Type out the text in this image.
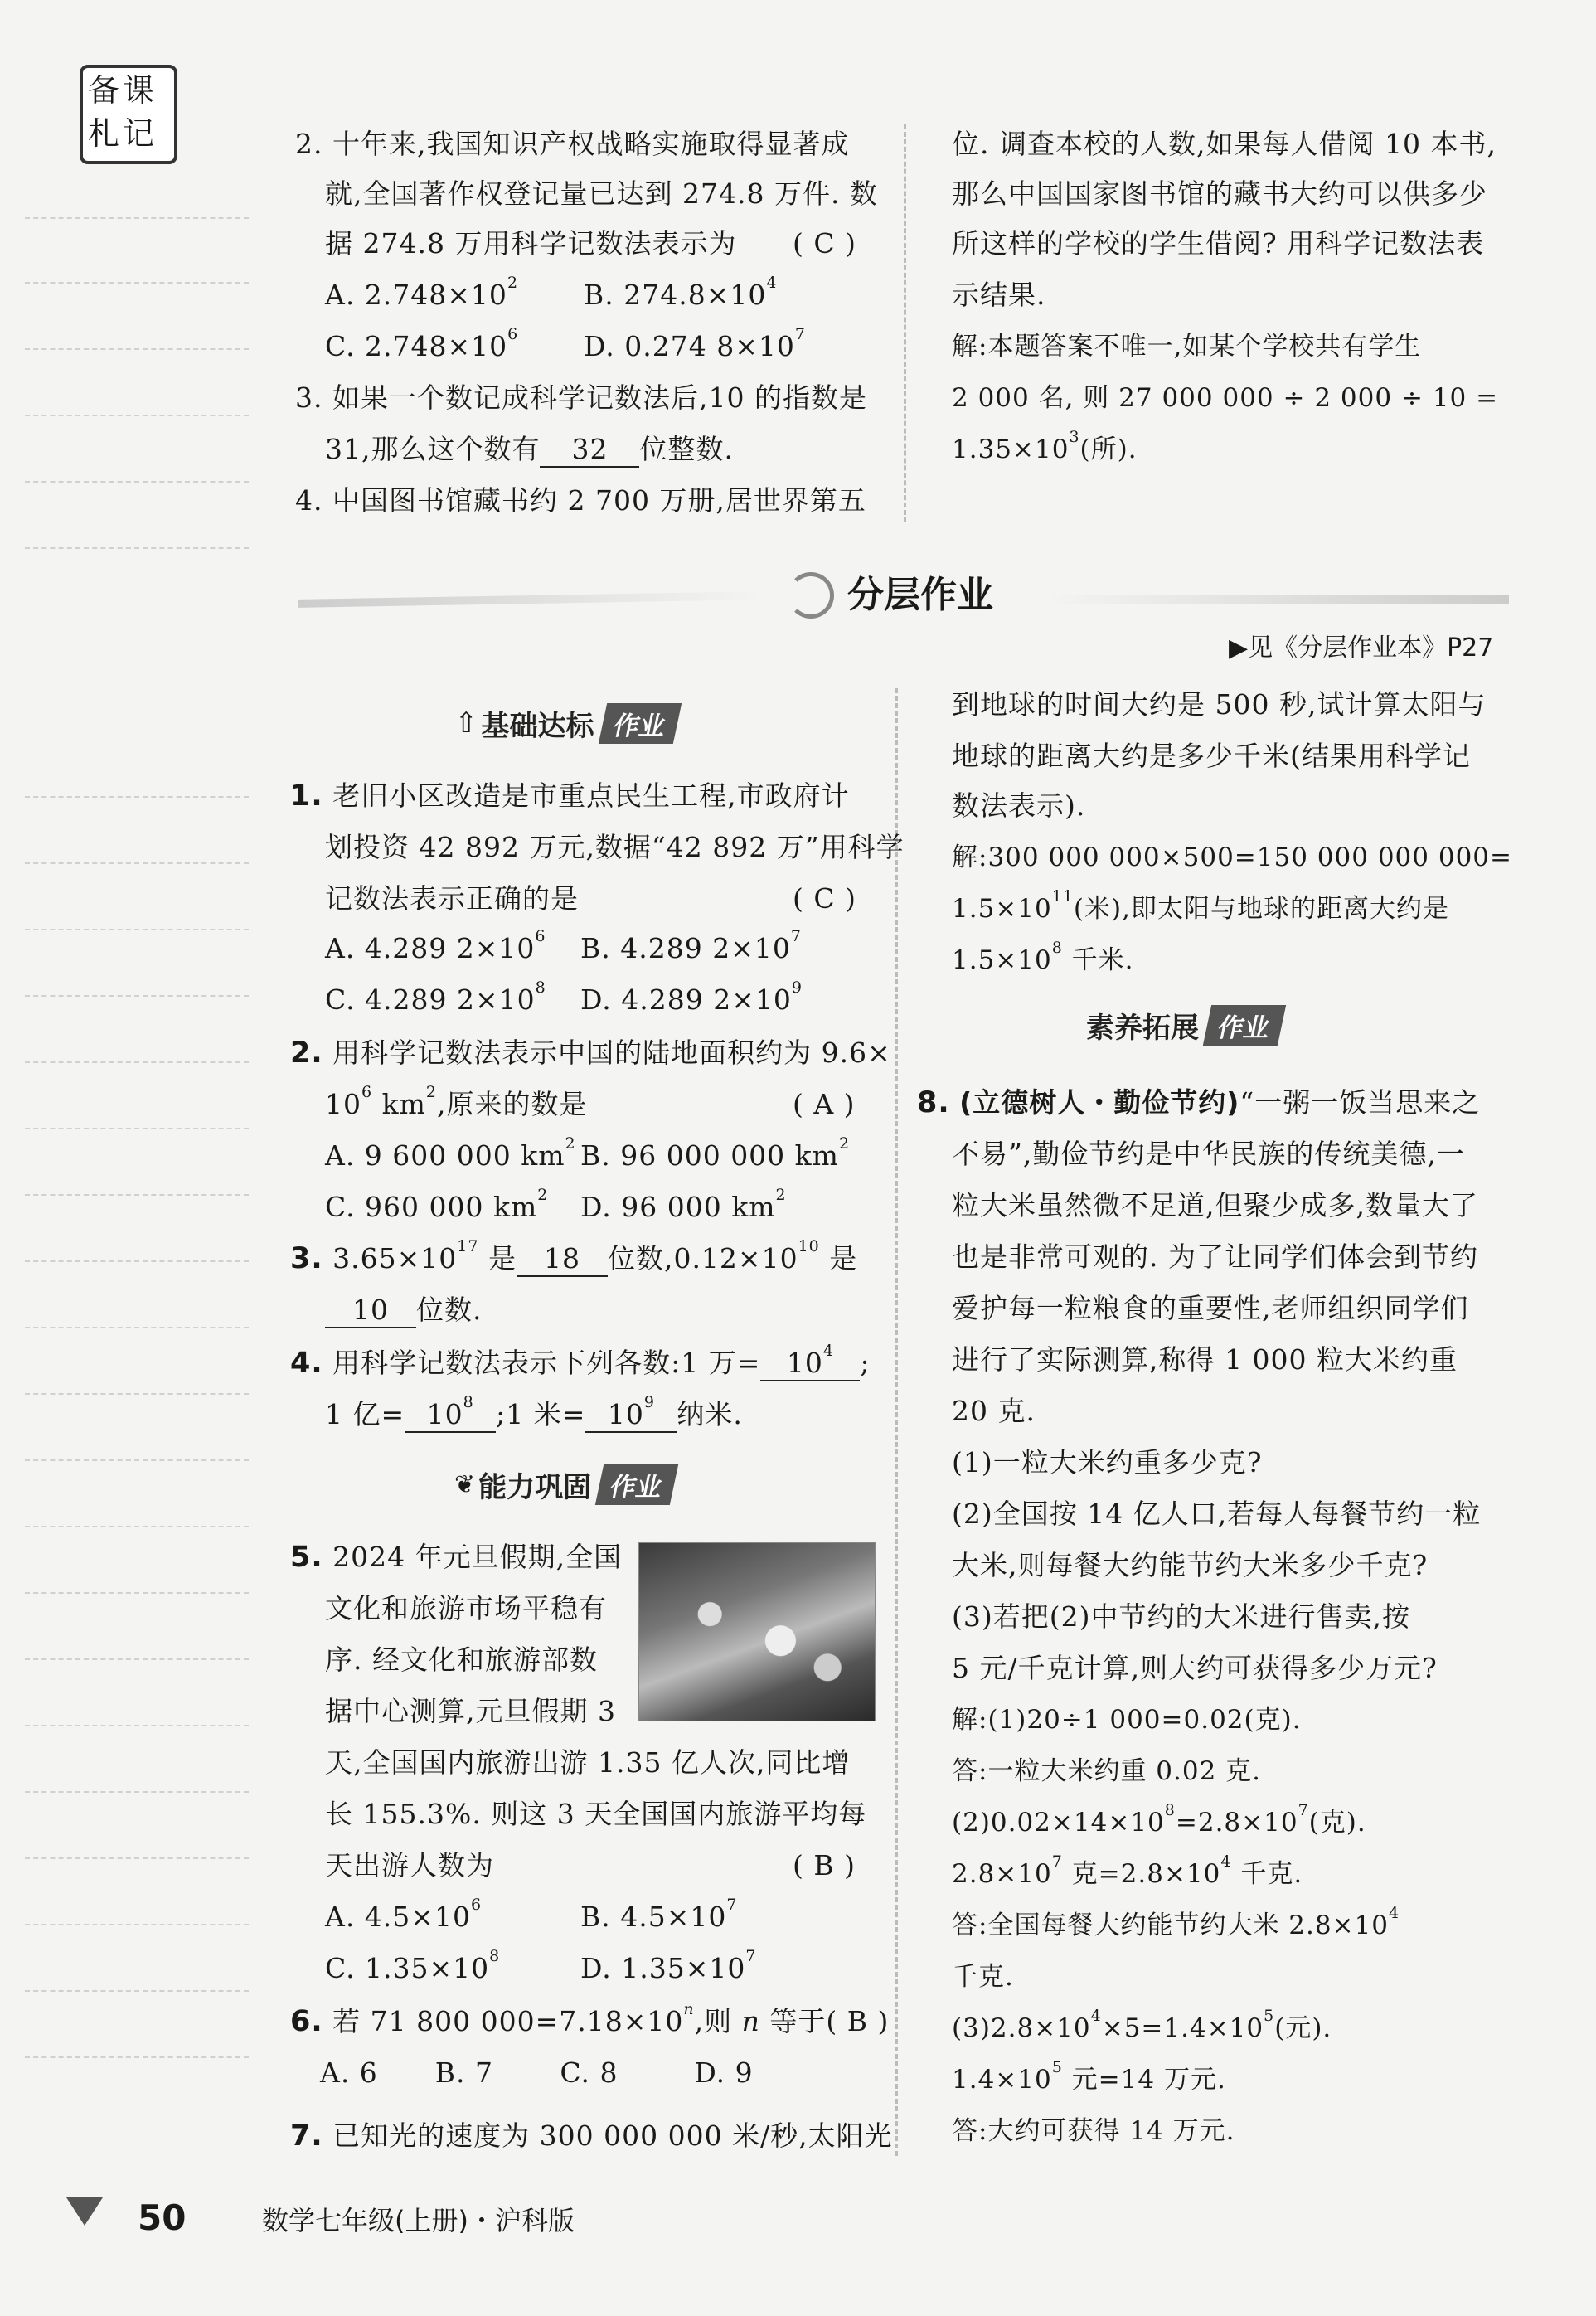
备课
札记	2. 十年来,我国知识产权战略实施取得显著成
就,全国著作权登记量已达到 274.8 万件. 数
据 274.8 万用科学记数法表示为 ( C )
A. $2.748\times 10^2$ B. $274.8\times 10^4$
C. $2.748\times 10^6$ D. 0.274 $8\times 10^7$
3. 如果一个数记成科学记数法后,10 的指数是
31,那么这个数有 32 位整数.
4. 中国图书馆藏书约 2 700 万册,居世界第五
位. 调查本校的人数,如果每人借阅 10 本书,
那么中国国家图书馆的藏书大约可以供多少
所这样的学校的学生借阅? 用科学记数法表
示结果.
解:本题答案不唯一,如某个学校共有学生
2 000 名, 则 27 000 000 ÷ 2 000 ÷ 10 =
$1.35\times 10^3$(所).
分层作业
▶见《分层作业本》P27
⇧ 基础达标 作业
1. 老旧小区改造是市重点民生工程,市政府计
划投资 42 892 万元,数据“42 892 万”用科学
记数法表示正确的是	( C )
A. 4.289 $2\times 10^6$ B. 4.289 $2\times 10^7$
C. 4.289 $2\times 10^8$ D. 4.289 $2\times 10^9$
2. 用科学记数法表示中国的陆地面积约为 9.6×
$10^6$ $km^2$,原来的数是	( A )
A. 9 600 000 $km^2$ B. 96 000 000 $km^2$
C. 960 000 $km^2$ D. 96 000 $km^2$
3. $3.65\times 10^{17}$ 是 18 位数$,0.12\times 10^{10}$ 是
10 位数.
4. 用科学记数法表示下列各数:1 万= $10^4$ ;
1 亿= $10^8$ ;1 米= $10^9$ 纳米.
❦ 能力巩固 作业
5. 2024 年元旦假期,全国
文化和旅游市场平稳有
序. 经文化和旅游部数
据中心测算,元旦假期 3
天,全国国内旅游出游 1.35 亿人次,同比增
长 155.3%. 则这 3 天全国国内旅游平均每
天出游人数为	( B )
A. $4.5\times 10^6$	B. $4.5\times 10^7$
C. $1.35\times 10^8$	D. $1.35\times 10^7$
6. 若 71 800 $000=7.18\times 10^n$,则 n 等于( B )
A. 6      B. 7       C. 8        D. 9
7. 已知光的速度为 300 000 000 米/秒,太阳光
到地球的时间大约是 500 秒,试计算太阳与
地球的距离大约是多少千米(结果用科学记
数法表示).
解:300 000 000×500=150 000 000 000=
$1.5\times 10^{11}$(米),即太阳与地球的距离大约是
$1.5\times 10^8$ 千米.
素养拓展 作业
8. (立德树人・勤俭节约)“一粥一饭当思来之
不易”,勤俭节约是中华民族的传统美德,一
粒大米虽然微不足道,但聚少成多,数量大了
也是非常可观的. 为了让同学们体会到节约
爱护每一粒粮食的重要性,老师组织同学们
进行了实际测算,称得 1 000 粒大米约重
20 克.
(1)一粒大米约重多少克?
(2)全国按 14 亿人口,若每人每餐节约一粒
大米,则每餐大约能节约大米多少千克?
(3)若把(2)中节约的大米进行售卖,按
5 元/千克计算,则大约可获得多少万元?
解:(1)20÷1 000=0.02(克).
答:一粒大米约重 0.02 克.
$(2)0.02\times 14\times 10^8=2.8\times 10^7$(克).
$2.8\times 10^7$ 克$=2.8\times 10^4$ 千克.
答:全国每餐大约能节约大米 $2.8\times 10^4$
千克.
$(3)2.8\times 10^4\times 5=1.4\times 10^5$(元).
$1.4\times 10^5$ 元=14 万元.
答:大约可获得 14 万元.
50	数学七年级(上册)・沪科版
